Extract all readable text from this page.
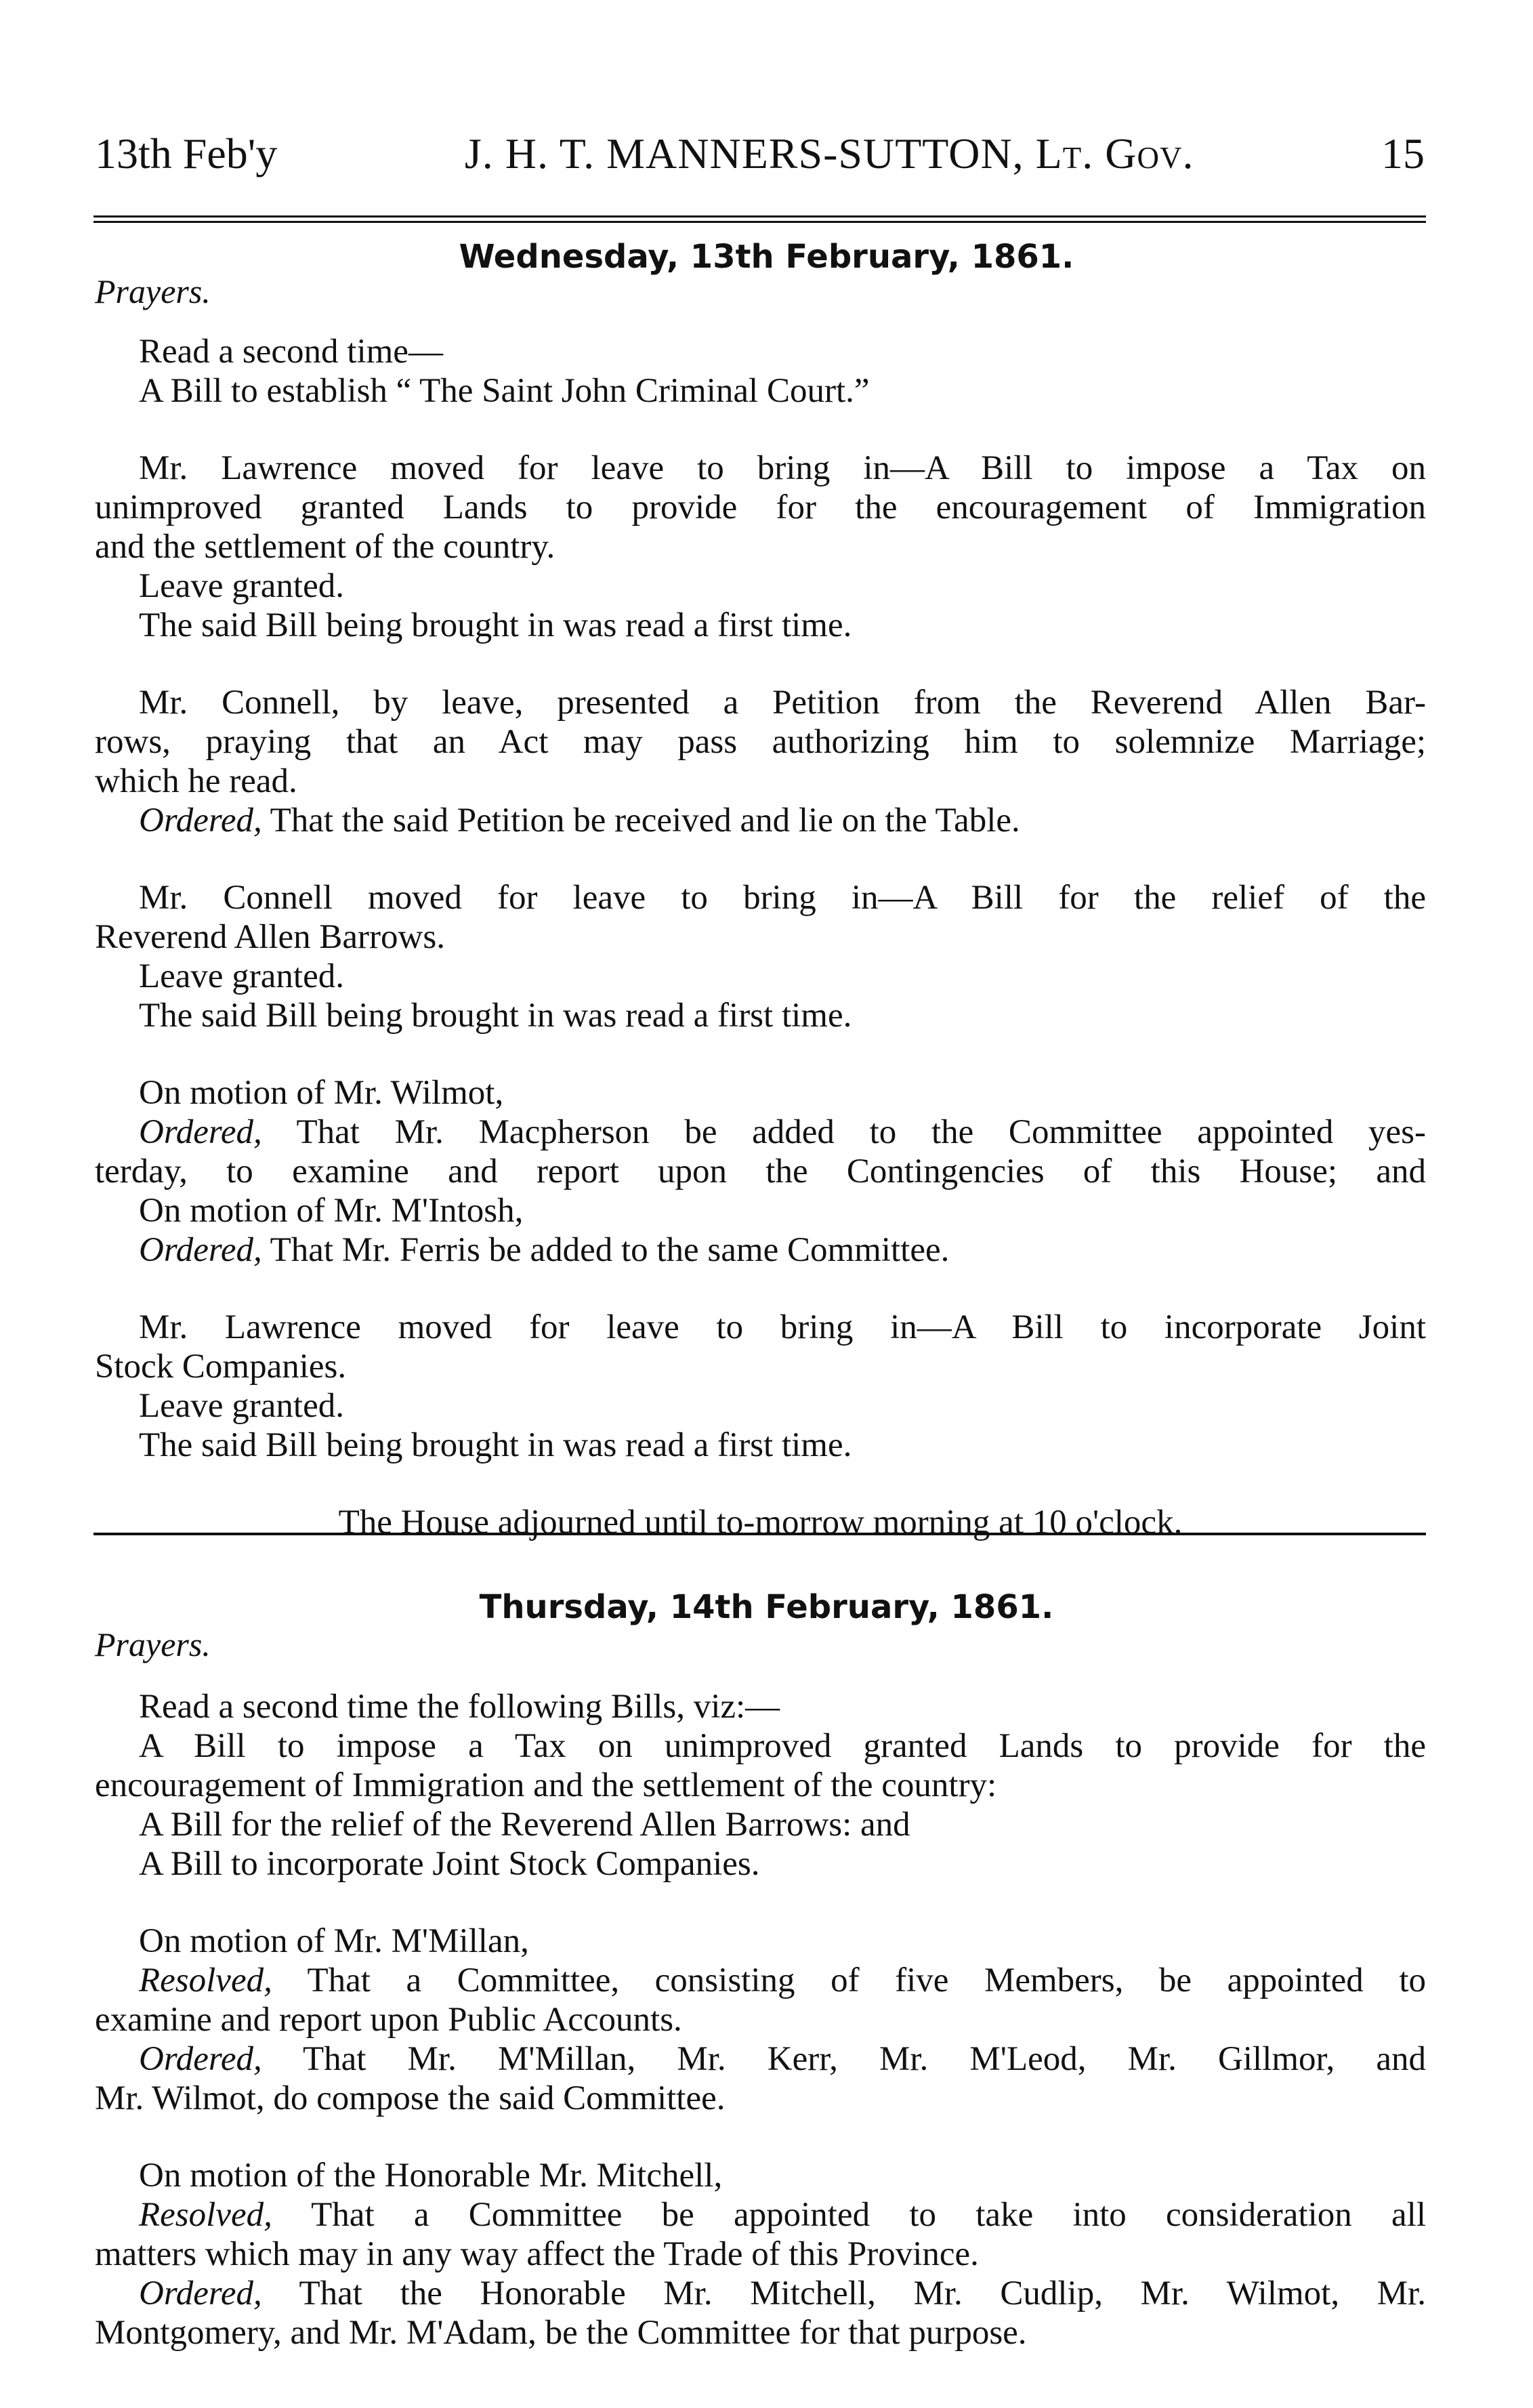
13th Feb'y	J. H. T. MANNERS-SUTTON, Lt. Gov.	15
Wednesday, 13th February, 1861.
Prayers.
Read a second time—
A Bill to establish “ The Saint John Criminal Court.”
Mr. Lawrence moved for leave to bring in—A Bill to impose a Tax on
unimproved granted Lands to provide for the encouragement of Immigration
and the settlement of the country.
Leave granted.
The said Bill being brought in was read a first time.
Mr. Connell, by leave, presented a Petition from the Reverend Allen Bar-
rows, praying that an Act may pass authorizing him to solemnize Marriage;
which he read.
Ordered, That the said Petition be received and lie on the Table.
Mr. Connell moved for leave to bring in—A Bill for the relief of the
Reverend Allen Barrows.
Leave granted.
The said Bill being brought in was read a first time.
On motion of Mr. Wilmot,
Ordered, That Mr. Macpherson be added to the Committee appointed yes-
terday, to examine and report upon the Contingencies of this House; and
On motion of Mr. M'Intosh,
Ordered, That Mr. Ferris be added to the same Committee.
Mr. Lawrence moved for leave to bring in—A Bill to incorporate Joint
Stock Companies.
Leave granted.
The said Bill being brought in was read a first time.
The House adjourned until to-morrow morning at 10 o'clock.
Thursday, 14th February, 1861.
Prayers.
Read a second time the following Bills, viz:—
A Bill to impose a Tax on unimproved granted Lands to provide for the
encouragement of Immigration and the settlement of the country:
A Bill for the relief of the Reverend Allen Barrows: and
A Bill to incorporate Joint Stock Companies.
On motion of Mr. M'Millan,
Resolved, That a Committee, consisting of five Members, be appointed to
examine and report upon Public Accounts.
Ordered, That Mr. M'Millan, Mr. Kerr, Mr. M'Leod, Mr. Gillmor, and
Mr. Wilmot, do compose the said Committee.
On motion of the Honorable Mr. Mitchell,
Resolved, That a Committee be appointed to take into consideration all
matters which may in any way affect the Trade of this Province.
Ordered, That the Honorable Mr. Mitchell, Mr. Cudlip, Mr. Wilmot, Mr.
Montgomery, and Mr. M'Adam, be the Committee for that purpose.
